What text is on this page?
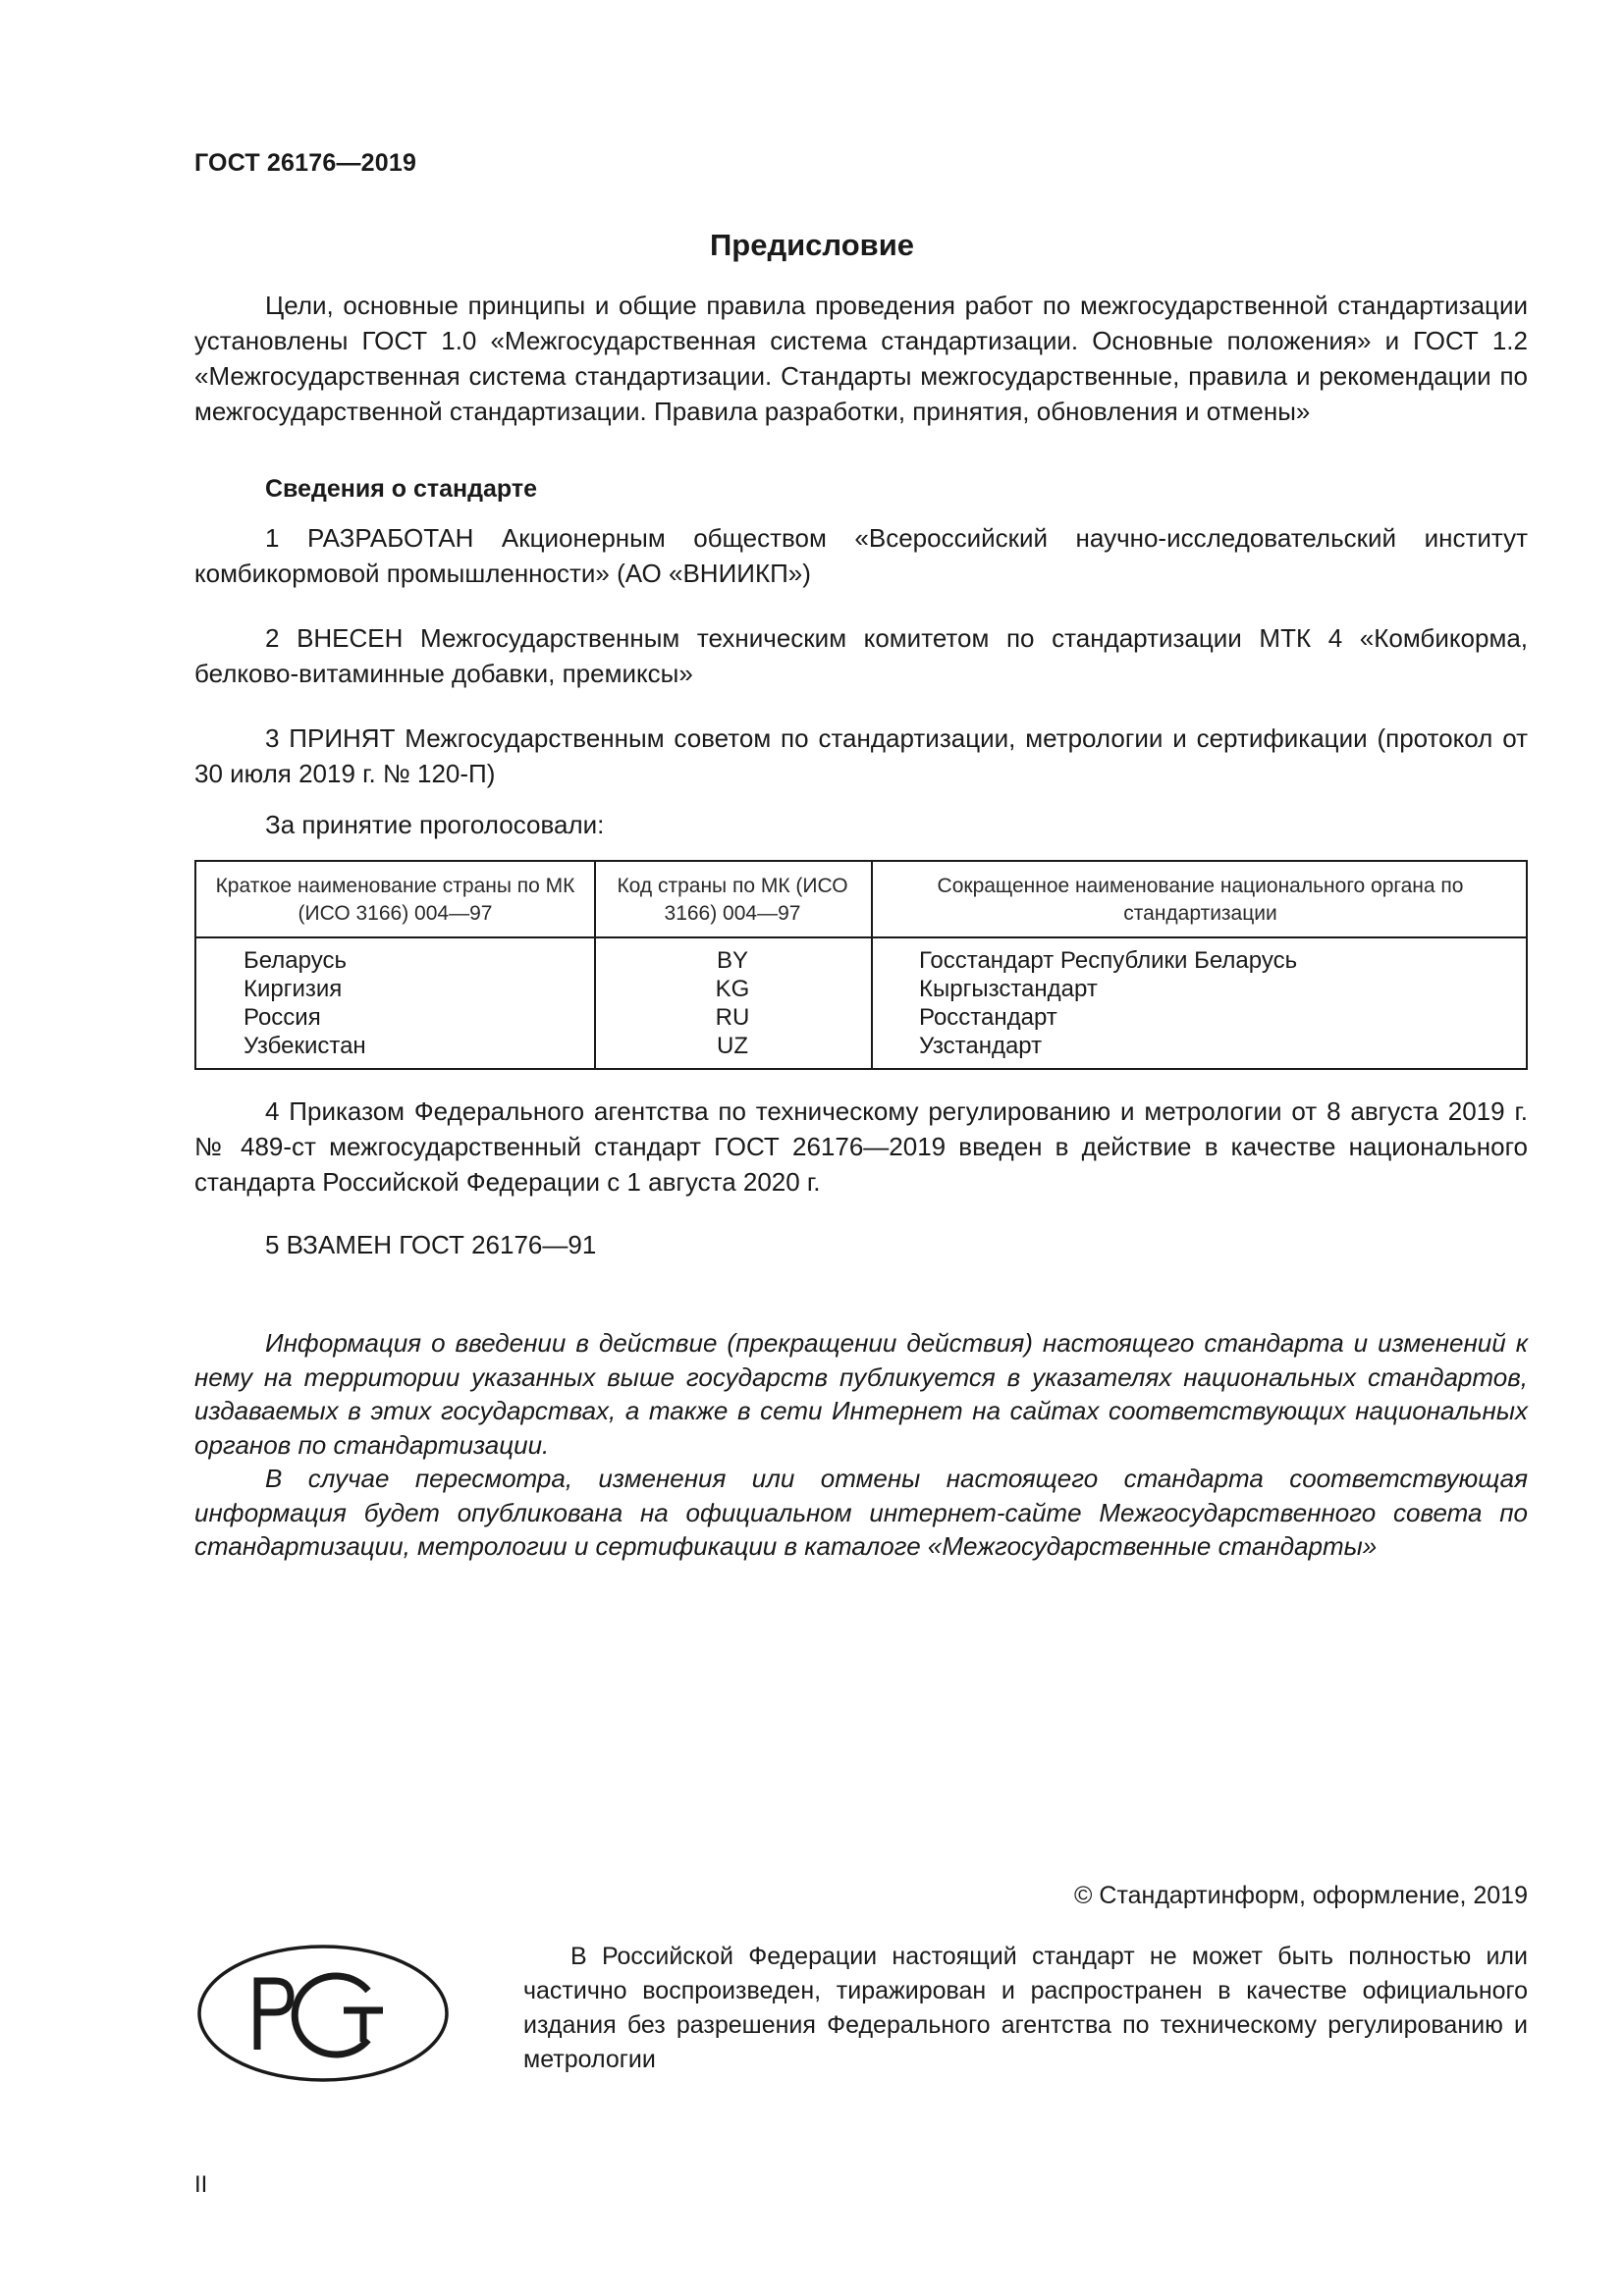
ГОСТ 26176—2019
Предисловие

Цели, основные принципы и общие правила проведения работ по межгосударственной стандартизации установлены ГОСТ 1.0 «Межгосударственная система стандартизации. Основные положения» и ГОСТ 1.2 «Межгосударственная система стандартизации. Стандарты межгосударственные, правила и рекомендации по межгосударственной стандартизации. Правила разработки, принятия, обновления и отмены»

Сведения о стандарте

1 РАЗРАБОТАН Акционерным обществом «Всероссийский научно-исследовательский институт комбикормовой промышленности» (АО «ВНИИКП»)

2 ВНЕСЕН Межгосударственным техническим комитетом по стандартизации МТК 4 «Комбикорма, белково-витаминные добавки, премиксы»

3 ПРИНЯТ Межгосударственным советом по стандартизации, метрологии и сертификации (протокол от 30 июля 2019 г. № 120-П)

За принятие проголосовали:
Краткое наименование страны по МК (ИСО 3166) 004—97
Код страны по МК (ИСО 3166) 004—97
Сокращенное наименование национального органа по стандартизации
Беларусь
Киргизия
Россия
Узбекистан
BY
KG
RU
UZ
Госстандарт Республики Беларусь
Кыргызстандарт
Росстандарт
Узстандарт

4 Приказом Федерального агентства по техническому регулированию и метрологии от 8 августа 2019 г. № 489-ст межгосударственный стандарт ГОСТ 26176—2019 введен в действие в качестве национального стандарта Российской Федерации с 1 августа 2020 г.

5 ВЗАМЕН ГОСТ 26176—91

Информация о введении в действие (прекращении действия) настоящего стандарта и изменений к нему на территории указанных выше государств публикуется в указателях национальных стандартов, издаваемых в этих государствах, а также в сети Интернет на сайтах соответствующих национальных органов по стандартизации.

В случае пересмотра, изменения или отмены настоящего стандарта соответствующая информация будет опубликована на официальном интернет-сайте Межгосударственного совета по стандартизации, метрологии и сертификации в каталоге «Межгосударственные стандарты»

© Стандартинформ, оформление, 2019
В Российской Федерации настоящий стандарт не может быть полностью или частично воспроизведен, тиражирован и распространен в качестве официального издания без разрешения Федерального агентства по техническому регулированию и метрологии
II
